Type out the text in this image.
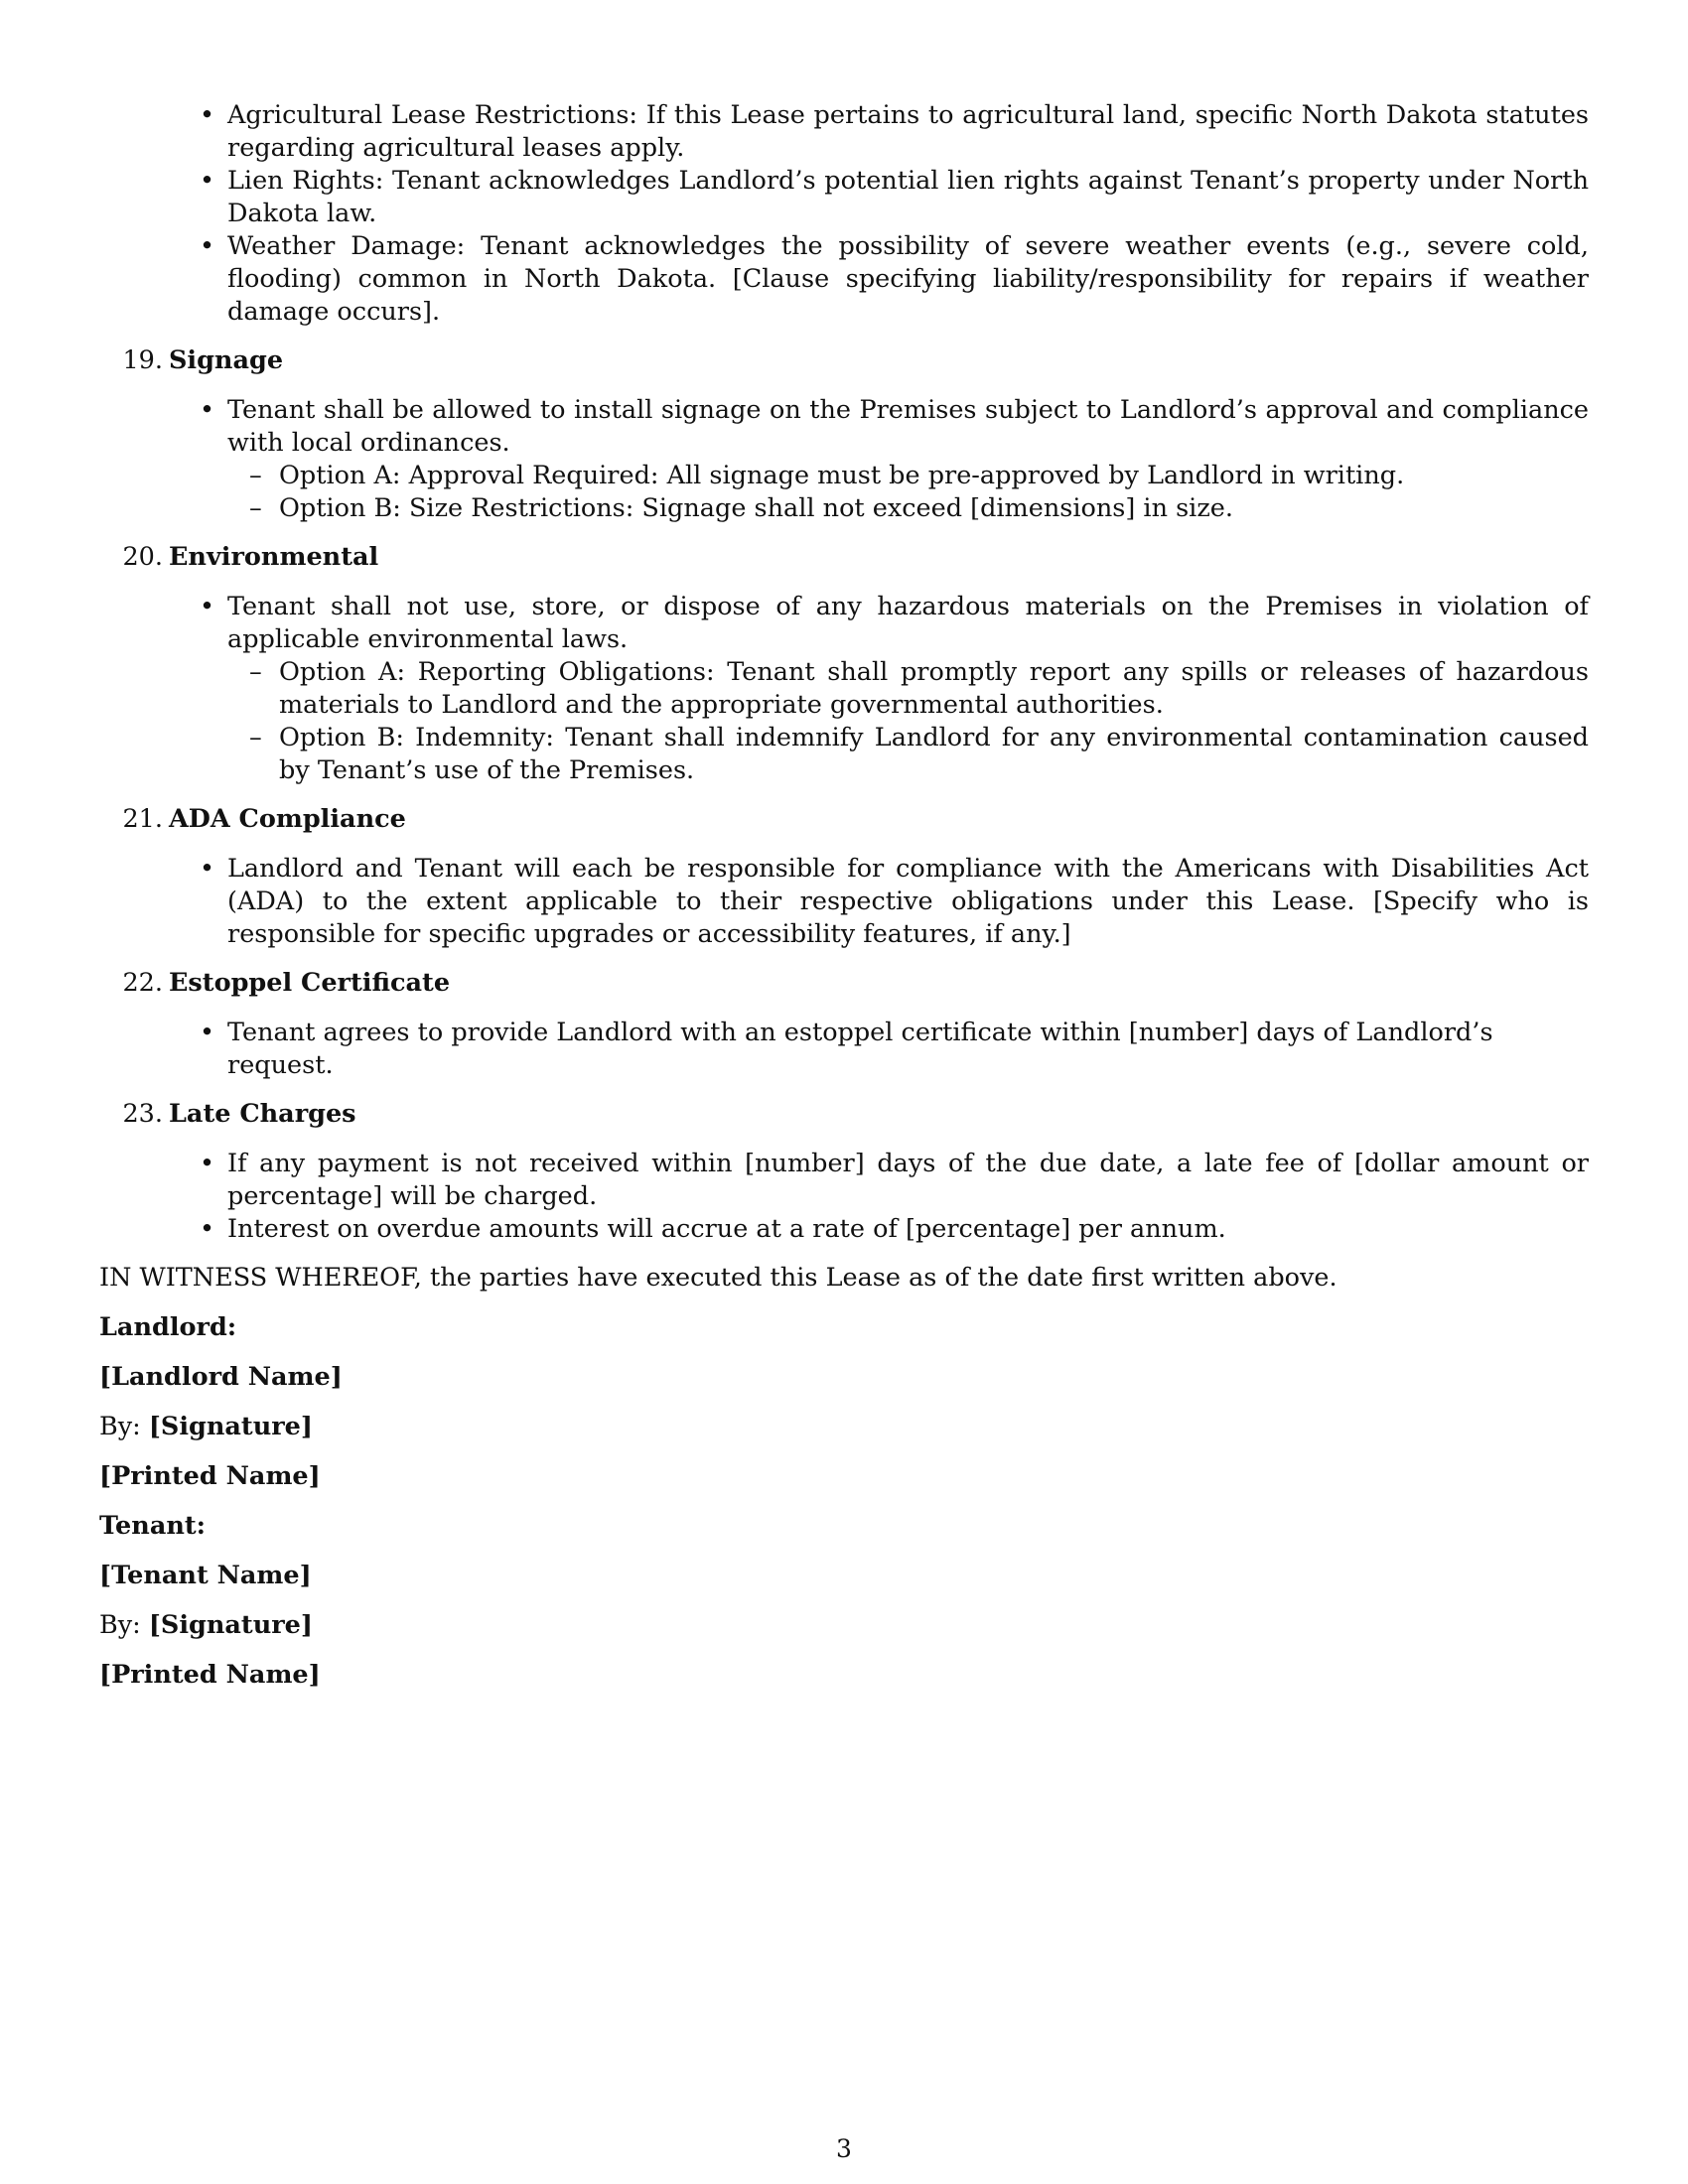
• Agricultural Lease Restrictions: If this Lease pertains to agricultural land, specific North Dakota statutes regarding agricultural leases apply.
• Lien Rights: Tenant acknowledges Landlord’s potential lien rights against Tenant’s property under North Dakota law.
• Weather Damage: Tenant acknowledges the possibility of severe weather events (e.g., severe cold, flooding) common in North Dakota. [Clause specifying liability/responsibility for repairs if weather damage occurs].
19. Signage
• Tenant shall be allowed to install signage on the Premises subject to Landlord’s approval and compliance with local ordinances.
– Option A: Approval Required: All signage must be pre-approved by Landlord in writing.
– Option B: Size Restrictions: Signage shall not exceed [dimensions] in size.
20. Environmental
• Tenant shall not use, store, or dispose of any hazardous materials on the Premises in violation of applicable environmental laws.
– Option A: Reporting Obligations: Tenant shall promptly report any spills or releases of hazardous materials to Landlord and the appropriate governmental authorities.
– Option B: Indemnity: Tenant shall indemnify Landlord for any environmental contamination caused by Tenant’s use of the Premises.
21. ADA Compliance
• Landlord and Tenant will each be responsible for compliance with the Americans with Disabilities Act (ADA) to the extent applicable to their respective obligations under this Lease. [Specify who is responsible for specific upgrades or accessibility features, if any.]
22. Estoppel Certificate
• Tenant agrees to provide Landlord with an estoppel certificate within [number] days of Landlord’s request.
23. Late Charges
• If any payment is not received within [number] days of the due date, a late fee of [dollar amount or percentage] will be charged.
• Interest on overdue amounts will accrue at a rate of [percentage] per annum.
IN WITNESS WHEREOF, the parties have executed this Lease as of the date first written above.
Landlord:
[Landlord Name]
By: [Signature]
[Printed Name]
Tenant:
[Tenant Name]
By: [Signature]
[Printed Name]
3
